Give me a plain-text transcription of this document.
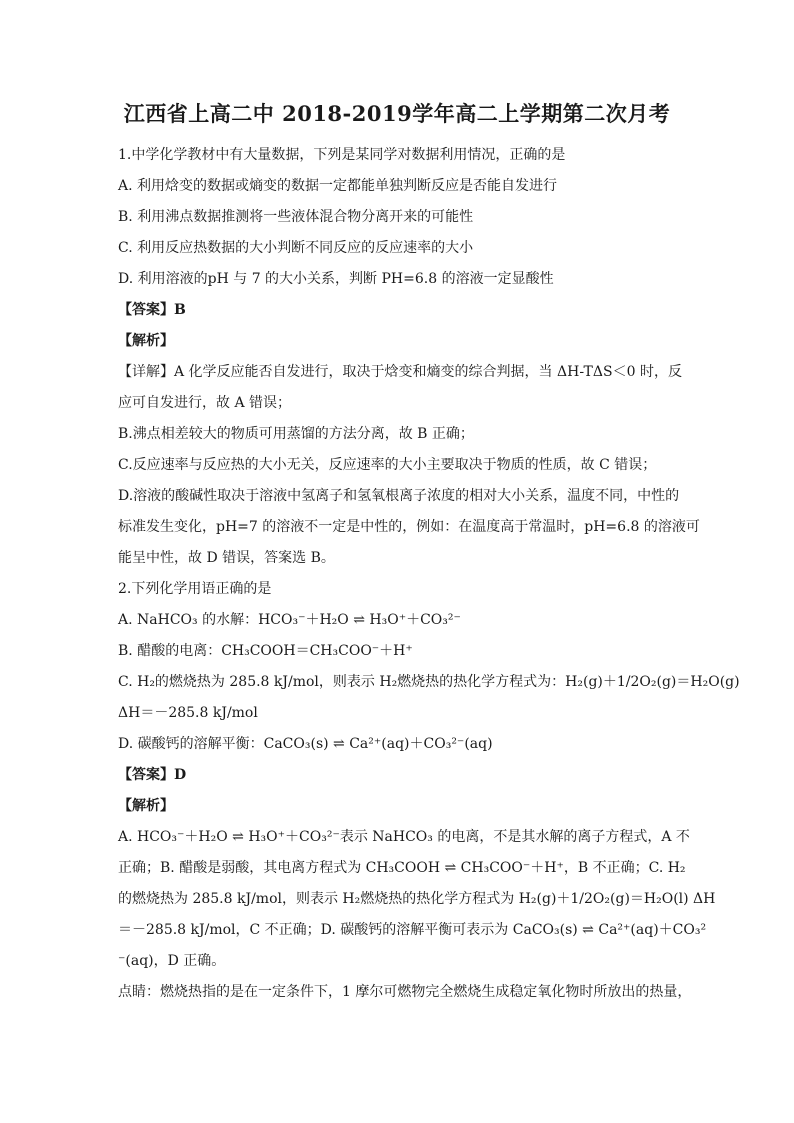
江西省上高二中 2018-2019学年高二上学期第二次月考
1.中学化学教材中有大量数据，下列是某同学对数据利用情况，正确的是
A. 利用焓变的数据或熵变的数据一定都能单独判断反应是否能自发进行
B. 利用沸点数据推测将一些液体混合物分离开来的可能性
C. 利用反应热数据的大小判断不同反应的反应速率的大小
D. 利用溶液的pH 与 7 的大小关系，判断 PH=6.8 的溶液一定显酸性
【答案】B
【解析】
【详解】A 化学反应能否自发进行，取决于焓变和熵变的综合判据，当 ΔH-TΔS＜0 时，反
应可自发进行，故 A 错误；
B.沸点相差较大的物质可用蒸馏的方法分离，故 B 正确；
C.反应速率与反应热的大小无关，反应速率的大小主要取决于物质的性质，故 C 错误；
D.溶液的酸碱性取决于溶液中氢离子和氢氧根离子浓度的相对大小关系，温度不同，中性的
标准发生变化，pH=7 的溶液不一定是中性的，例如：在温度高于常温时，pH=6.8 的溶液可
能呈中性，故 D 错误，答案选 B。
2.下列化学用语正确的是
A. NaHCO₃ 的水解：HCO₃⁻＋H₂O ⇌ H₃O⁺＋CO₃²⁻
B. 醋酸的电离：CH₃COOH＝CH₃COO⁻＋H⁺
C. H₂的燃烧热为 285.8 kJ/mol，则表示 H₂燃烧热的热化学方程式为：H₂(g)＋1/2O₂(g)＝H₂O(g)
ΔH＝－285.8 kJ/mol
D. 碳酸钙的溶解平衡：CaCO₃(s) ⇌ Ca²⁺(aq)＋CO₃²⁻(aq)
【答案】D
【解析】
A. HCO₃⁻＋H₂O ⇌ H₃O⁺＋CO₃²⁻表示 NaHCO₃ 的电离，不是其水解的离子方程式，A 不
正确；B. 醋酸是弱酸，其电离方程式为 CH₃COOH ⇌ CH₃COO⁻＋H⁺，B 不正确；C. H₂
的燃烧热为 285.8 kJ/mol，则表示 H₂燃烧热的热化学方程式为 H₂(g)＋1/2O₂(g)＝H₂O(l) ΔH
＝－285.8 kJ/mol，C 不正确；D. 碳酸钙的溶解平衡可表示为 CaCO₃(s) ⇌ Ca²⁺(aq)＋CO₃²
⁻(aq)，D 正确。
点睛：燃烧热指的是在一定条件下，1 摩尔可燃物完全燃烧生成稳定氧化物时所放出的热量，
